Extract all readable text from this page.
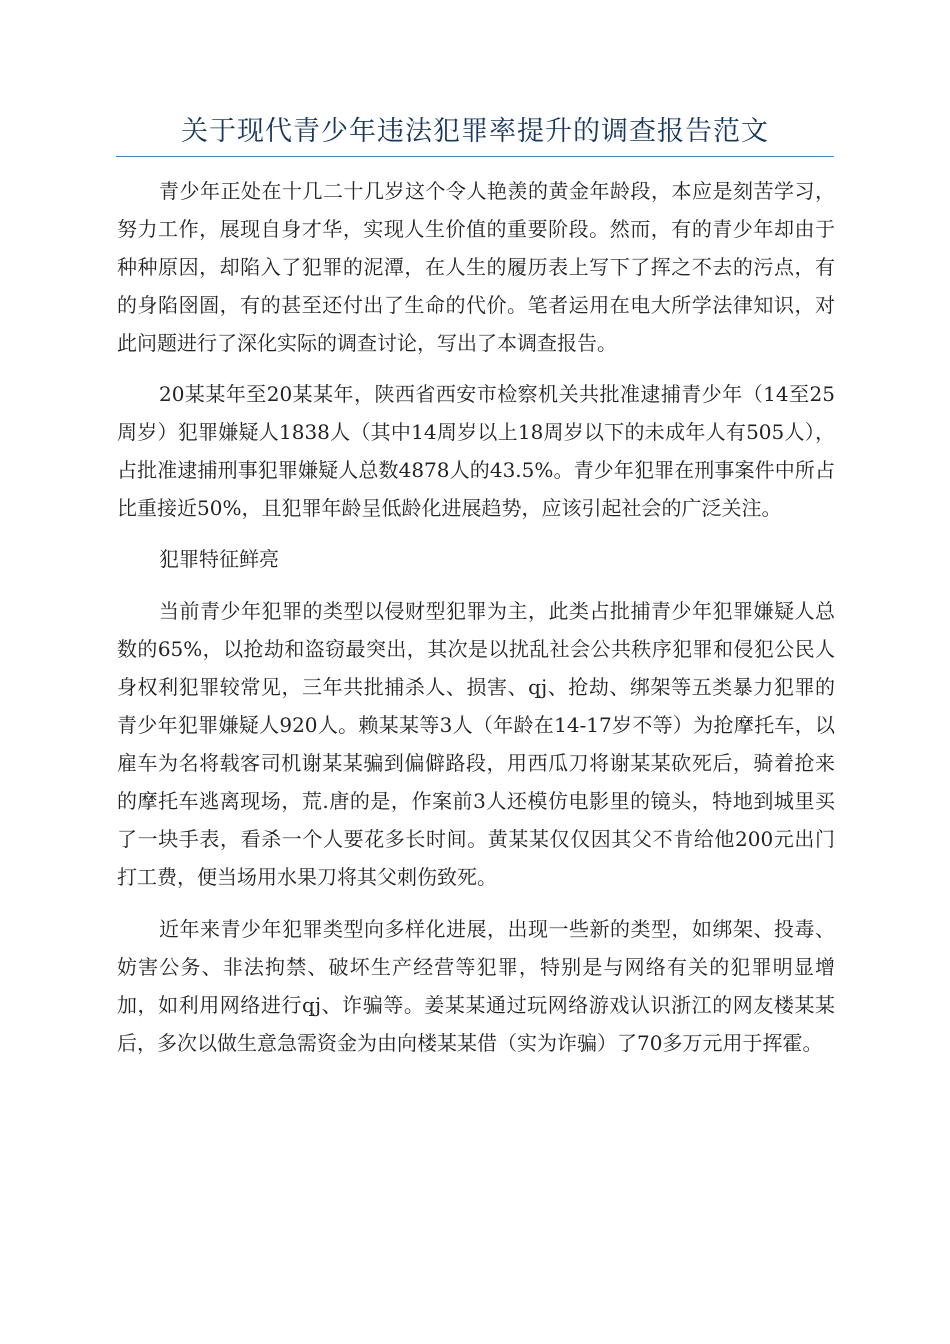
关于现代青少年违法犯罪率提升的调查报告范文

青少年正处在十几二十几岁这个令人艳羡的黄金年龄段，本应是刻苦学习，努力工作，展现自身才华，实现人生价值的重要阶段。然而，有的青少年却由于种种原因，却陷入了犯罪的泥潭，在人生的履历表上写下了挥之不去的污点，有的身陷囹圄，有的甚至还付出了生命的代价。笔者运用在电大所学法律知识，对此问题进行了深化实际的调查讨论，写出了本调查报告。

20某某年至20某某年，陕西省西安市检察机关共批准逮捕青少年（14至25周岁）犯罪嫌疑人1838人（其中14周岁以上18周岁以下的未成年人有505人），占批准逮捕刑事犯罪嫌疑人总数4878人的43.5%。青少年犯罪在刑事案件中所占比重接近50%，且犯罪年龄呈低龄化进展趋势，应该引起社会的广泛关注。

犯罪特征鲜亮

当前青少年犯罪的类型以侵财型犯罪为主，此类占批捕青少年犯罪嫌疑人总数的65%，以抢劫和盗窃最突出，其次是以扰乱社会公共秩序犯罪和侵犯公民人身权利犯罪较常见，三年共批捕杀人、损害、qj、抢劫、绑架等五类暴力犯罪的青少年犯罪嫌疑人920人。赖某某等3人（年龄在14-17岁不等）为抢摩托车，以雇车为名将载客司机谢某某骗到偏僻路段，用西瓜刀将谢某某砍死后，骑着抢来的摩托车逃离现场，荒.唐的是，作案前3人还模仿电影里的镜头，特地到城里买了一块手表，看杀一个人要花多长时间。黄某某仅仅因其父不肯给他200元出门打工费，便当场用水果刀将其父刺伤致死。

近年来青少年犯罪类型向多样化进展，出现一些新的类型，如绑架、投毒、妨害公务、非法拘禁、破坏生产经营等犯罪，特别是与网络有关的犯罪明显增加，如利用网络进行qj、诈骗等。姜某某通过玩网络游戏认识浙江的网友楼某某后，多次以做生意急需资金为由向楼某某借（实为诈骗）了70多万元用于挥霍。
